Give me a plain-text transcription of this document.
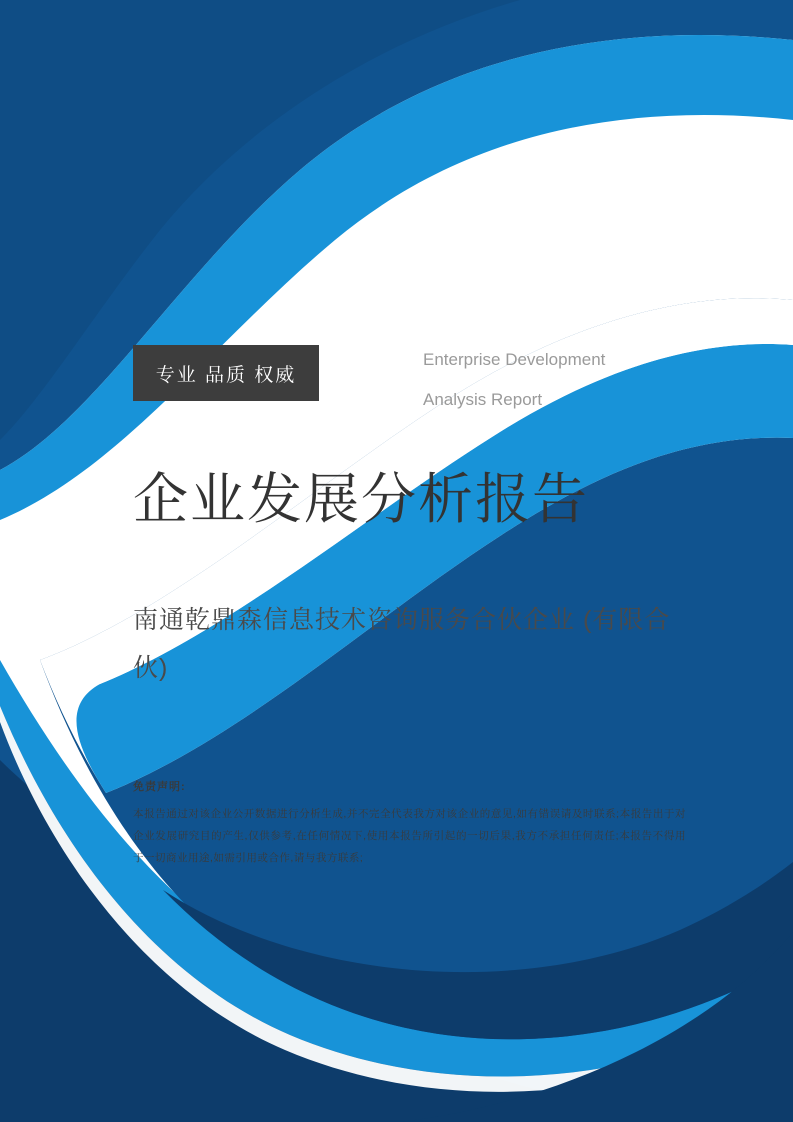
专业 品质 权威
Enterprise Development
Analysis Report
企业发展分析报告
南通乾鼎森信息技术咨询服务合伙企业 (有限合伙)
免责声明:
本报告通过对该企业公开数据进行分析生成,并不完全代表我方对该企业的意见,如有错误请及时联系;本报告出于对企业发展研究目的产生,仅供参考,在任何情况下,使用本报告所引起的一切后果,我方不承担任何责任;本报告不得用于一切商业用途,如需引用或合作,请与我方联系;
